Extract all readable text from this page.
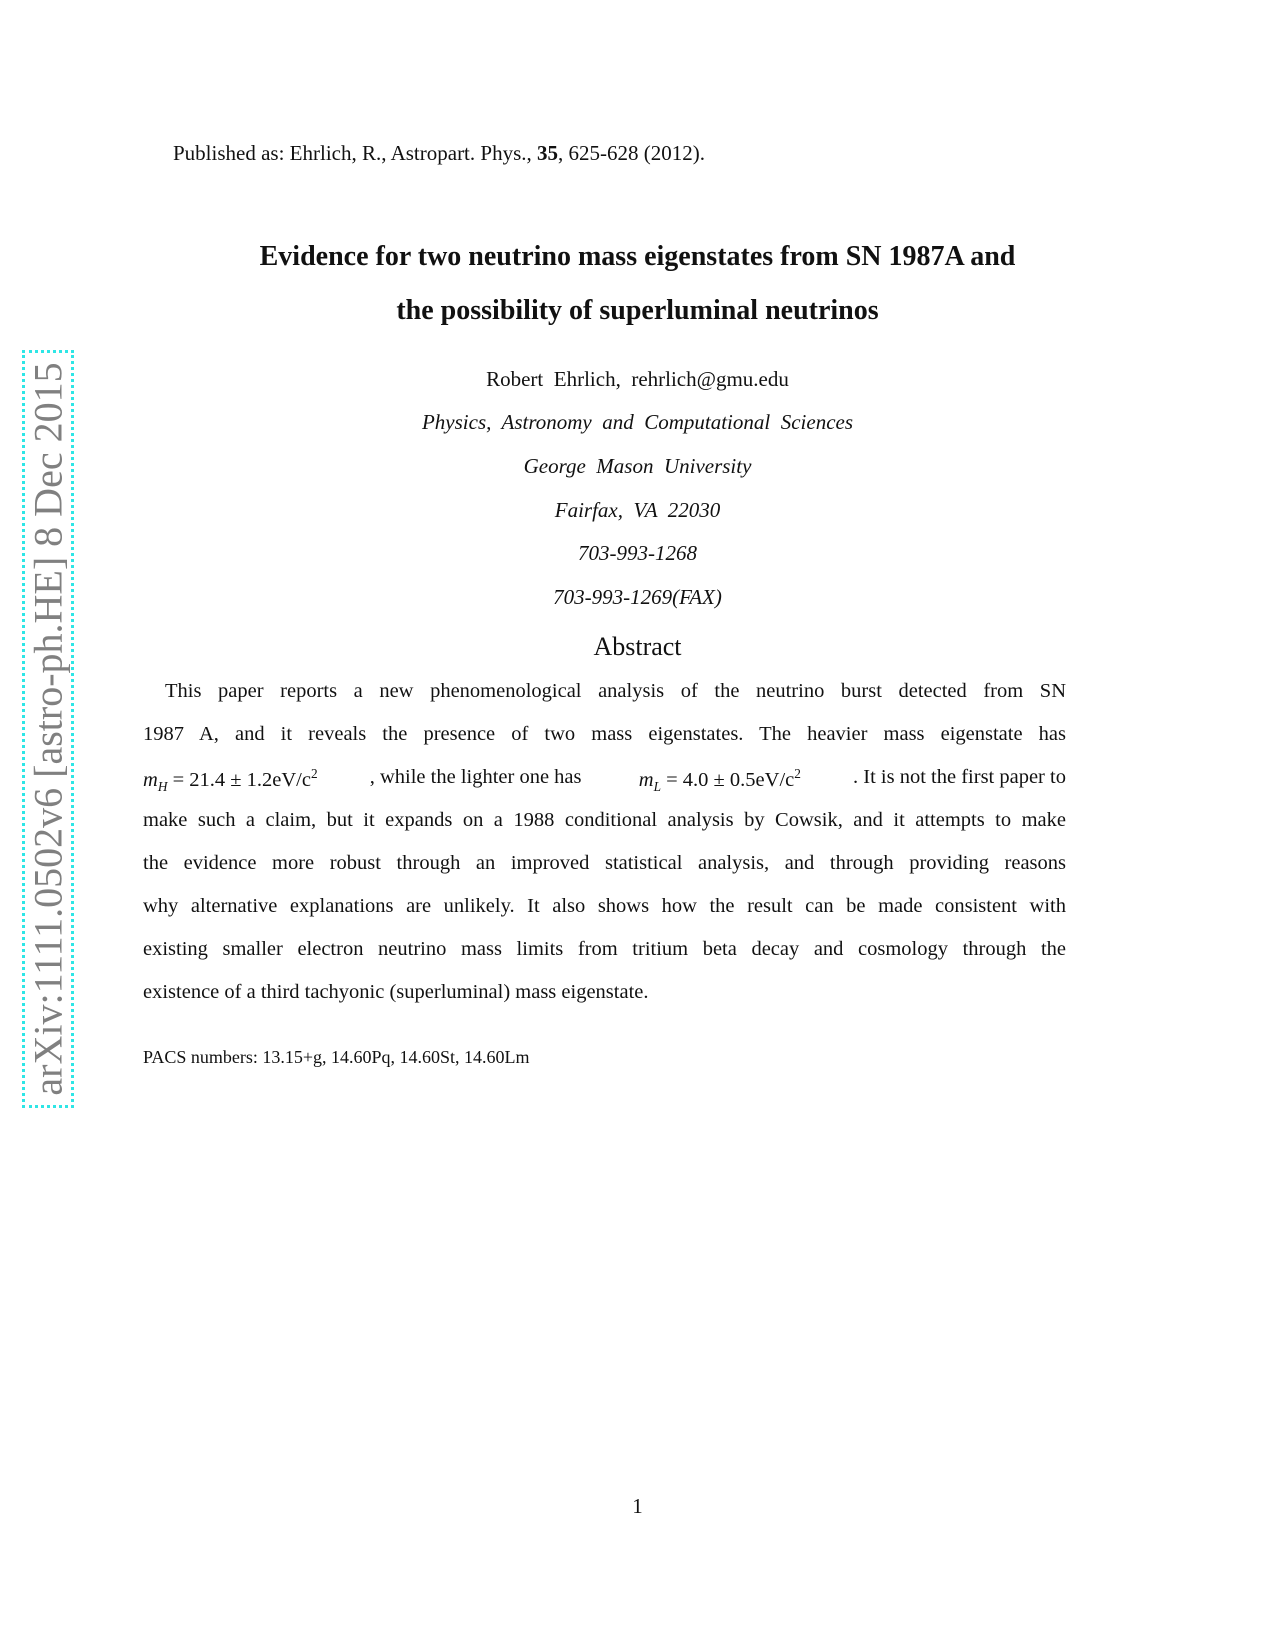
arXiv:1111.0502v6 [astro-ph.HE] 8 Dec 2015
Published as: Ehrlich, R., Astropart. Phys., 35, 625-628 (2012).
Evidence for two neutrino mass eigenstates from SN 1987A and
the possibility of superluminal neutrinos
Robert  Ehrlich,  rehrlich@gmu.edu
Physics,  Astronomy  and  Computational  Sciences
George  Mason  University
Fairfax,  VA  22030
703-993-1268
703-993-1269(FAX)
Abstract
This paper reports a new phenomenological analysis of the neutrino burst detected from SN
1987 A, and it reveals the presence of two mass eigenstates. The heavier mass eigenstate has
$m_H = 21.4 \pm 1.2eV/c^2$	, while the lighter one has	$m_L = 4.0 \pm 0.5eV/c^2$	. It is not the first paper to
make such a claim, but it expands on a 1988 conditional analysis by Cowsik, and it attempts to make
the evidence more robust through an improved statistical analysis, and through providing reasons
why alternative explanations are unlikely. It also shows how the result can be made consistent with
existing smaller electron neutrino mass limits from tritium beta decay and cosmology through the
existence of a third tachyonic (superluminal) mass eigenstate.
PACS numbers: 13.15+g, 14.60Pq, 14.60St, 14.60Lm
1
